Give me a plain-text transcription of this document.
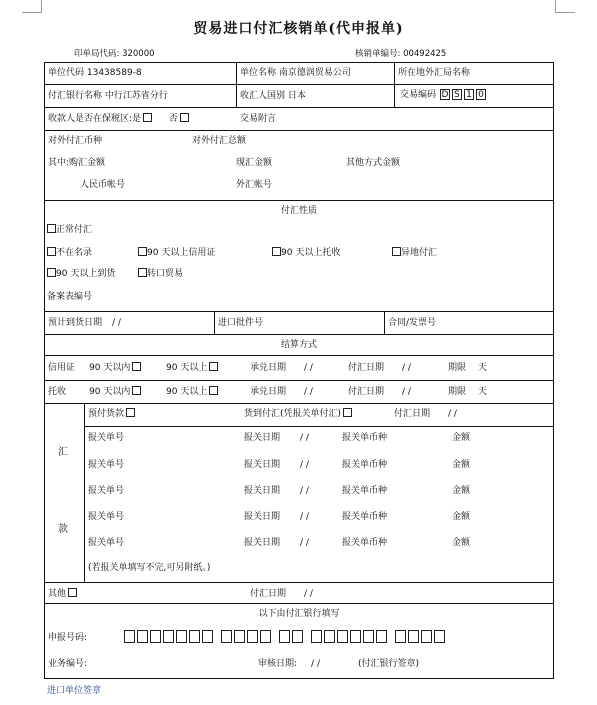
贸易进口付汇核销单(代申报单)
印单局代码: 320000	核销单编号: 00492425
单位代码 13438589-8	单位名称 南京德润贸易公司	所在地外汇局名称
付汇银行名称 中行江苏省分行	收汇人国别 日本	交易编码 D S 1 0
收款人是否在保税区:是	否	交易附言
对外付汇币种	对外付汇总额
其中:购汇金额	现汇金额	其他方式金额
人民币帐号	外汇帐号
付汇性质
正常付汇
不在名录	90 天以上信用证	90 天以上托收	异地付汇
90 天以上到货	转口贸易
备案表编号
预计到货日期 / /	进口批件号	合同/发票号
结算方式
信用证 90 天以内	90 天以上	承兑日期 / /	付汇日期 / /	期限 天
托收	90 天以内	90 天以上	承兑日期 / /	付汇日期 / /	期限 天
汇
款
预付货款	货到付汇(凭报关单付汇)	付汇日期 / /
报关单号	报关日期 / /	报关单币种	金额
报关单号	报关日期 / /	报关单币种	金额
报关单号	报关日期 / /	报关单币种	金额
报关单号	报关日期 / /	报关单币种	金额
报关单号	报关日期 / /	报关单币种	金额
(若报关单填写不完,可另附纸。)
其他	付汇日期 / /
以下由付汇银行填写
申报号码:
业务编号:	审核日期: / /	(付汇银行签章)
进口单位签章
